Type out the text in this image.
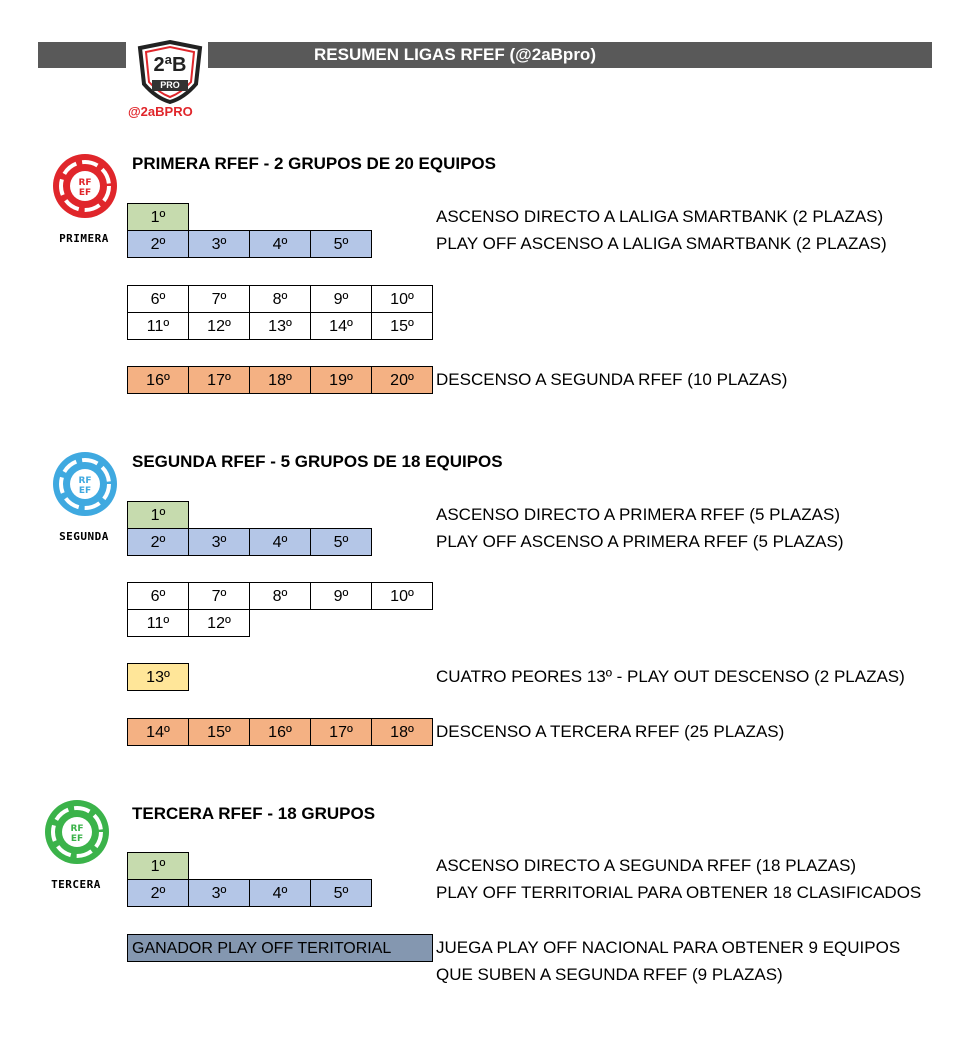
RESUMEN LIGAS RFEF (@2aBpro)
2ªB
PRO
@2aBPRO
RF
EF
PRIMERA
PRIMERA RFEF - 2 GRUPOS DE 20 EQUIPOS
1º
2º	3º	4º	5º
6º	7º	8º	9º	10º
11º	12º	13º	14º	15º
16º	17º	18º	19º	20º
ASCENSO DIRECTO A LALIGA SMARTBANK (2 PLAZAS)
PLAY OFF ASCENSO A LALIGA SMARTBANK (2 PLAZAS)
DESCENSO A SEGUNDA RFEF (10 PLAZAS)
RF
EF
SEGUNDA
SEGUNDA RFEF - 5 GRUPOS DE 18 EQUIPOS
1º
2º	3º	4º	5º
6º	7º	8º	9º	10º
11º	12º
13º
14º	15º	16º	17º	18º
ASCENSO DIRECTO A PRIMERA RFEF (5 PLAZAS)
PLAY OFF ASCENSO A PRIMERA RFEF (5 PLAZAS)
CUATRO PEORES 13º - PLAY OUT DESCENSO (2 PLAZAS)
DESCENSO A TERCERA RFEF (25 PLAZAS)
RF
EF
TERCERA
TERCERA RFEF - 18 GRUPOS
1º
2º	3º	4º	5º
GANADOR PLAY OFF TERITORIAL
ASCENSO DIRECTO A SEGUNDA RFEF (18 PLAZAS)
PLAY OFF TERRITORIAL PARA OBTENER 18 CLASIFICADOS
JUEGA PLAY OFF NACIONAL PARA OBTENER 9 EQUIPOS
QUE SUBEN A SEGUNDA RFEF (9 PLAZAS)
